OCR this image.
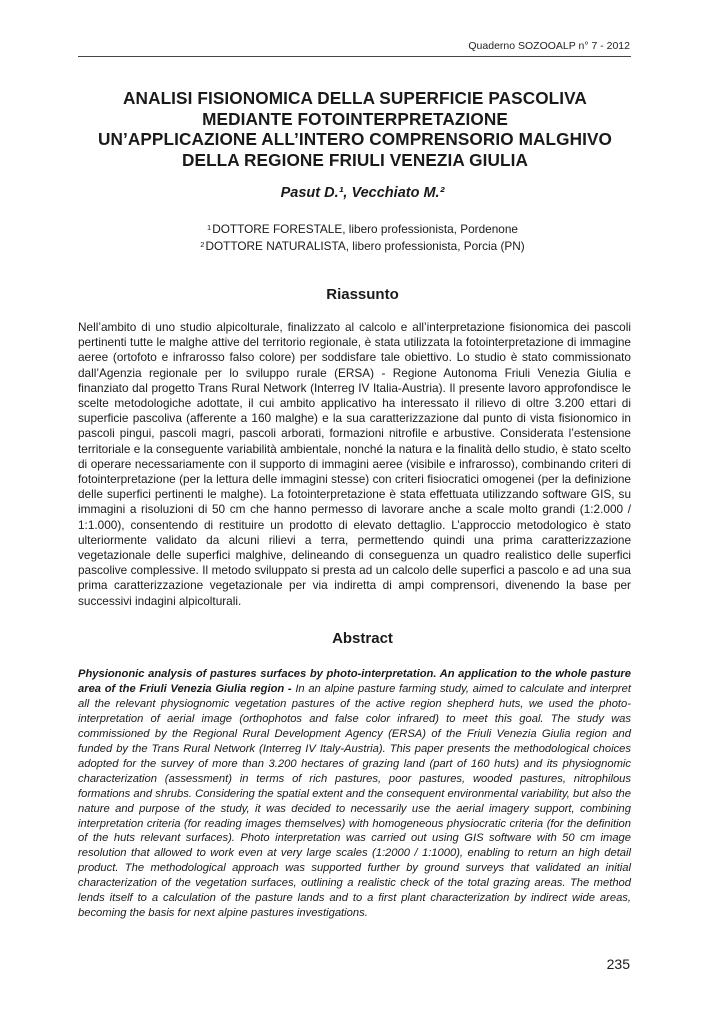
Quaderno SOZOOALP n° 7 - 2012
ANALISI FISIONOMICA DELLA SUPERFICIE PASCOLIVA
MEDIANTE FOTOINTERPRETAZIONE
UN’APPLICAZIONE ALL’INTERO COMPRENSORIO MALGHIVO
DELLA REGIONE FRIULI VENEZIA GIULIA
Pasut D.¹, Vecchiato M.²
$^1$DOTTORE FORESTALE, libero professionista, Pordenone
$^2$DOTTORE NATURALISTA, libero professionista, Porcia (PN)
Riassunto
Nell’ambito di uno studio alpicolturale, finalizzato al calcolo e all’interpretazione fisionomica dei pascoli pertinenti tutte le malghe attive del territorio regionale, è stata utilizzata la fotointerpretazione di immagine aeree (ortofoto e infrarosso falso colore) per soddisfare tale obiettivo. Lo studio è stato commissionato dall’Agenzia regionale per lo sviluppo rurale (ERSA) - Regione Autonoma Friuli Venezia Giulia e finanziato dal progetto Trans Rural Network (Interreg IV Italia-Austria). Il presente lavoro approfondisce le scelte metodologiche adottate, il cui ambito applicativo ha interessato il rilievo di oltre 3.200 ettari di superficie pascoliva (afferente a 160 malghe) e la sua caratterizzazione dal punto di vista fisionomico in pascoli pingui, pascoli magri, pascoli arborati, formazioni nitrofile e arbustive. Considerata l’estensione territoriale e la conseguente variabilità ambientale, nonché la natura e la finalità dello studio, è stato scelto di operare necessariamente con il supporto di immagini aeree (visibile e infrarosso), combinando criteri di fotointerpretazione (per la lettura delle immagini stesse) con criteri fisiocratici omogenei (per la definizione delle superfici pertinenti le malghe). La fotointerpretazione è stata effettuata utilizzando software GIS, su immagini a risoluzioni di 50 cm che hanno permesso di lavorare anche a scale molto grandi (1:2.000 / 1:1.000), consentendo di restituire un prodotto di elevato dettaglio. L’approccio metodologico è stato ulteriormente validato da alcuni rilievi a terra, permettendo quindi una prima caratterizzazione vegetazionale delle superfici malghive, delineando di conseguenza un quadro realistico delle superfici pascolive complessive. Il metodo sviluppato si presta ad un calcolo delle superfici a pascolo e ad una sua prima caratterizzazione vegetazionale per via indiretta di ampi comprensori, divenendo la base per successivi indagini alpicolturali.
Abstract
Physiononic analysis of pastures surfaces by photo-interpretation. An application to the whole pasture area of the Friuli Venezia Giulia region - In an alpine pasture farming study, aimed to calculate and interpret all the relevant physiognomic vegetation pastures of the active region shepherd huts, we used the photo-interpretation of aerial image (orthophotos and false color infrared) to meet this goal. The study was commissioned by the Regional Rural Development Agency (ERSA) of the Friuli Venezia Giulia region and funded by the Trans Rural Network (Interreg IV Italy-Austria). This paper presents the methodological choices adopted for the survey of more than 3.200 hectares of grazing land (part of 160 huts) and its physiognomic characterization (assessment) in terms of rich pastures, poor pastures, wooded pastures, nitrophilous formations and shrubs. Considering the spatial extent and the consequent environmental variability, but also the nature and purpose of the study, it was decided to necessarily use the aerial imagery support, combining interpretation criteria (for reading images themselves) with homogeneous physiocratic criteria (for the definition of the huts relevant surfaces). Photo interpretation was carried out using GIS software with 50 cm image resolution that allowed to work even at very large scales (1:2000 / 1:1000), enabling to return an high detail product. The methodological approach was supported further by ground surveys that validated an initial characterization of the vegetation surfaces, outlining a realistic check of the total grazing areas. The method lends itself to a calculation of the pasture lands and to a first plant characterization by indirect wide areas, becoming the basis for next alpine pastures investigations.
235
